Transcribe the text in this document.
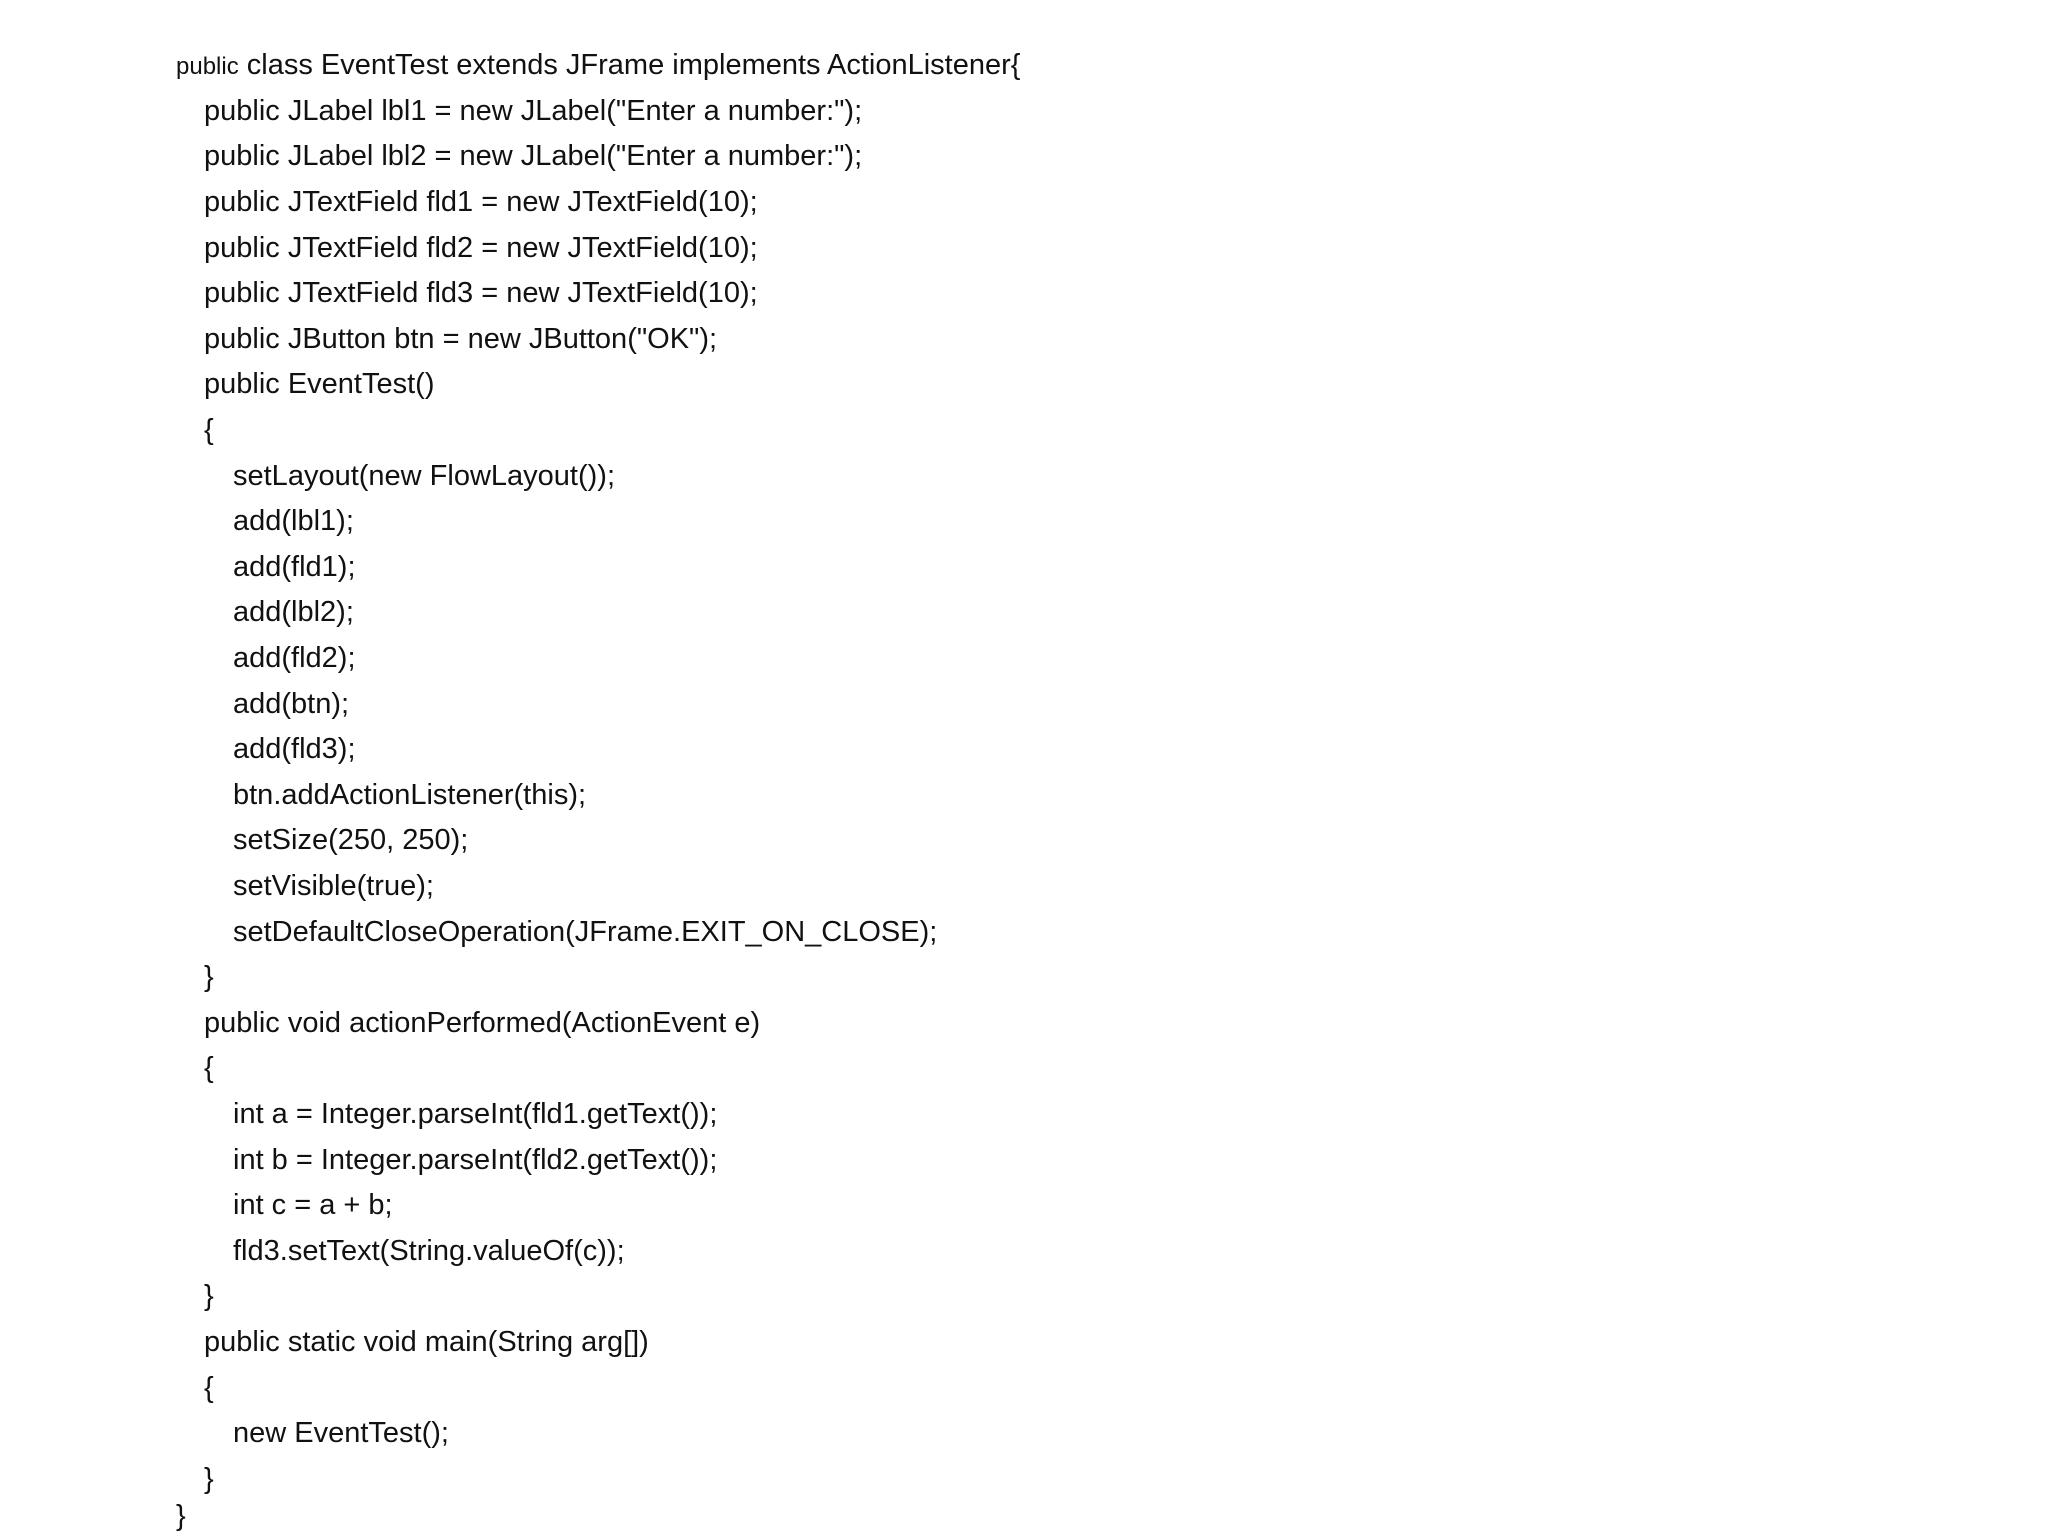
public class EventTest extends JFrame implements ActionListener{
public JLabel lbl1 = new JLabel("Enter a number:");
public JLabel lbl2 = new JLabel("Enter a number:");
public JTextField fld1 = new JTextField(10);
public JTextField fld2 = new JTextField(10);
public JTextField fld3 = new JTextField(10);
public JButton btn = new JButton("OK");
public EventTest()
{
setLayout(new FlowLayout());
add(lbl1);
add(fld1);
add(lbl2);
add(fld2);
add(btn);
add(fld3);
btn.addActionListener(this);
setSize(250, 250);
setVisible(true);
setDefaultCloseOperation(JFrame.EXIT_ON_CLOSE);
}
public void actionPerformed(ActionEvent e)
{
int a = Integer.parseInt(fld1.getText());
int b = Integer.parseInt(fld2.getText());
int c = a + b;
fld3.setText(String.valueOf(c));
}
public static void main(String arg[])
{
new EventTest();
}
}
